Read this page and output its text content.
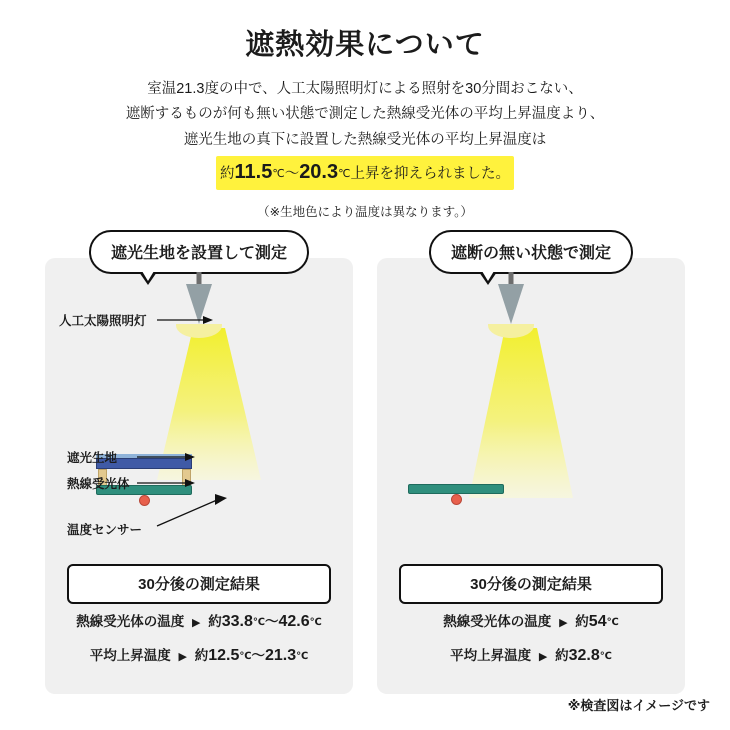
遮熱効果について
室温21.3度の中で、人工太陽照明灯による照射を30分間おこない、
遮断するものが何も無い状態で測定した熱線受光体の平均上昇温度より、
遮光生地の真下に設置した熱線受光体の平均上昇温度は
約11.5℃～20.3℃上昇を抑えられました。
（※生地色により温度は異なります。）
遮光生地を設置して測定
人工太陽照明灯
遮光生地
熱線受光体
温度センサー
30分後の測定結果
熱線受光体の温度 ▶ 約33.8℃～42.6℃
平均上昇温度 ▶ 約12.5℃～21.3℃
遮断の無い状態で測定
30分後の測定結果
熱線受光体の温度 ▶ 約54℃
平均上昇温度 ▶ 約32.8℃
※検査図はイメージです
